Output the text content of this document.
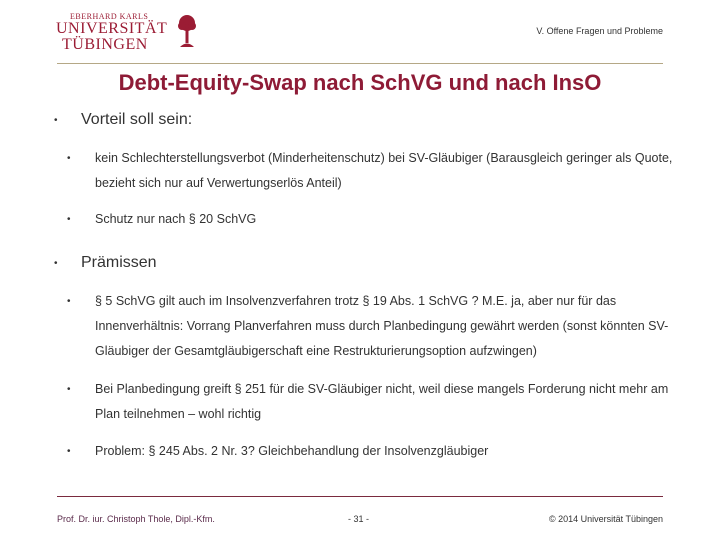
EBERHARD KARLS
UNIVERSITÄT
TÜBINGEN
V. Offene Fragen und Probleme
Debt-Equity-Swap nach SchVG und nach InsO
• Vorteil soll sein:
• kein Schlechterstellungsverbot (Minderheitenschutz) bei SV-Gläubiger (Barausgleich geringer als Quote, bezieht sich nur auf Verwertungserlös Anteil)
• Schutz nur nach § 20 SchVG
• Prämissen
• § 5 SchVG gilt auch im Insolvenzverfahren trotz § 19 Abs. 1 SchVG ? M.E. ja, aber nur für das Innenverhältnis: Vorrang Planverfahren muss durch Planbedingung gewährt werden (sonst könnten SV-Gläubiger der Gesamtgläubigerschaft eine Restrukturierungsoption aufzwingen)
• Bei Planbedingung greift § 251 für die SV-Gläubiger nicht, weil diese mangels Forderung nicht mehr am Plan teilnehmen – wohl richtig
• Problem: § 245 Abs. 2 Nr. 3? Gleichbehandlung der Insolvenzgläubiger
Prof. Dr. iur. Christoph Thole, Dipl.-Kfm.	- 31 -	© 2014 Universität Tübingen
